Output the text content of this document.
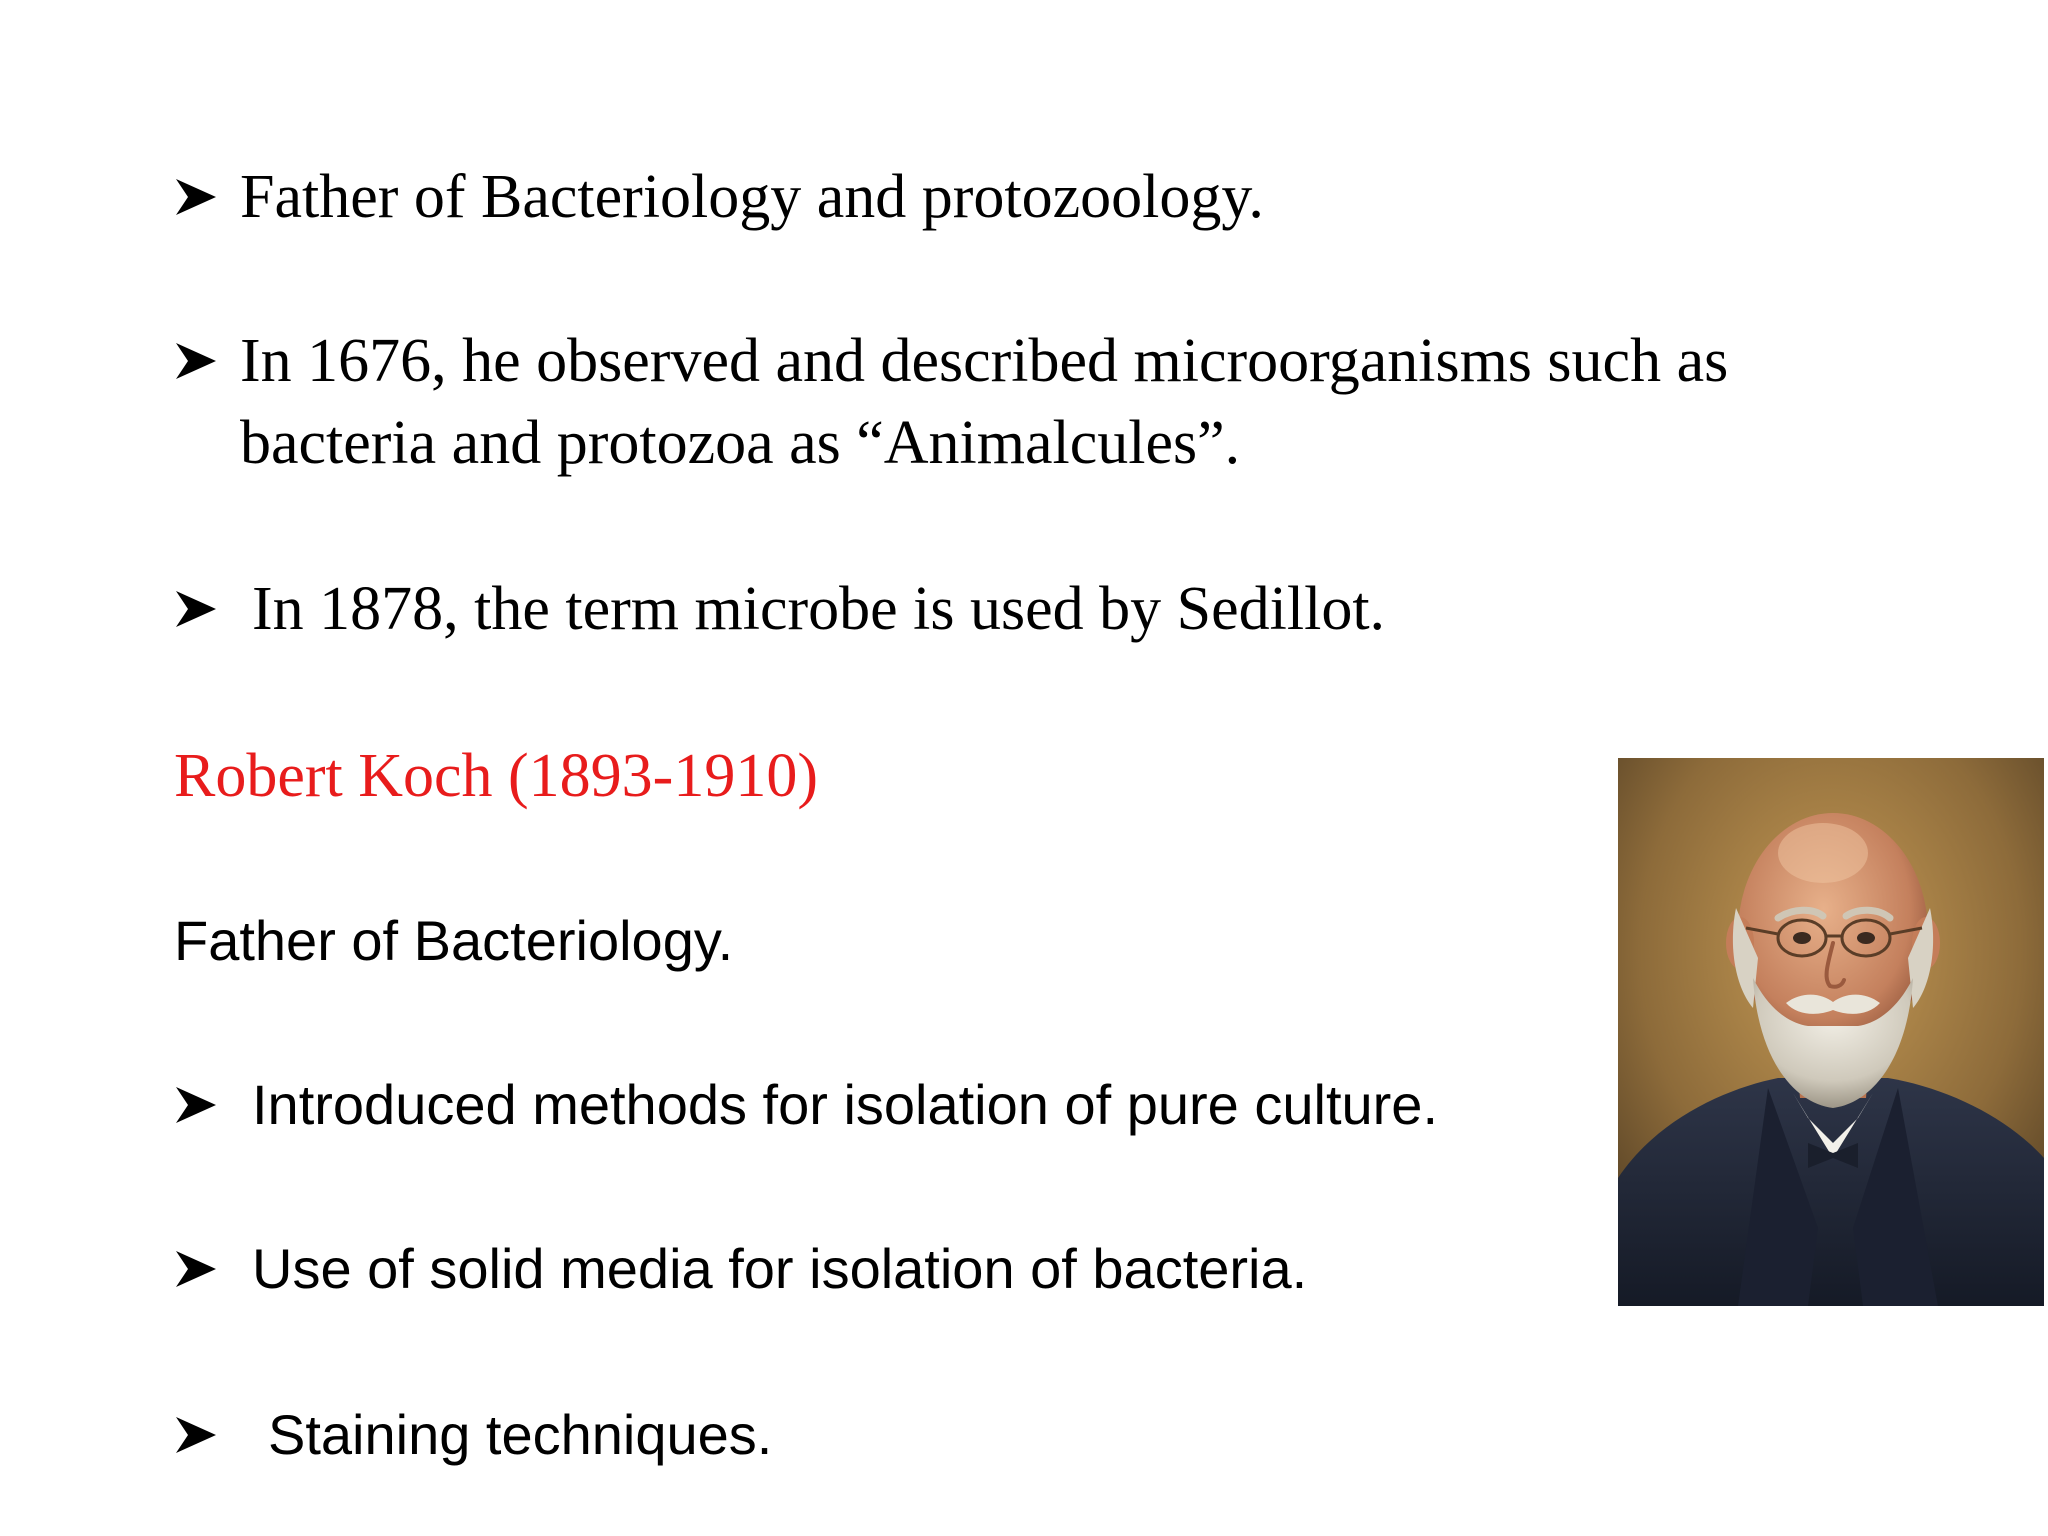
Father of Bacteriology and protozoology.
In 1676, he observed and described microorganisms such as
bacteria and protozoa as “Animalcules”.
In 1878, the term microbe is used by Sedillot.
Robert Koch (1893-1910)
Father of Bacteriology.
Introduced methods for isolation of pure culture.
Use of solid media for isolation of bacteria.
Staining techniques.
